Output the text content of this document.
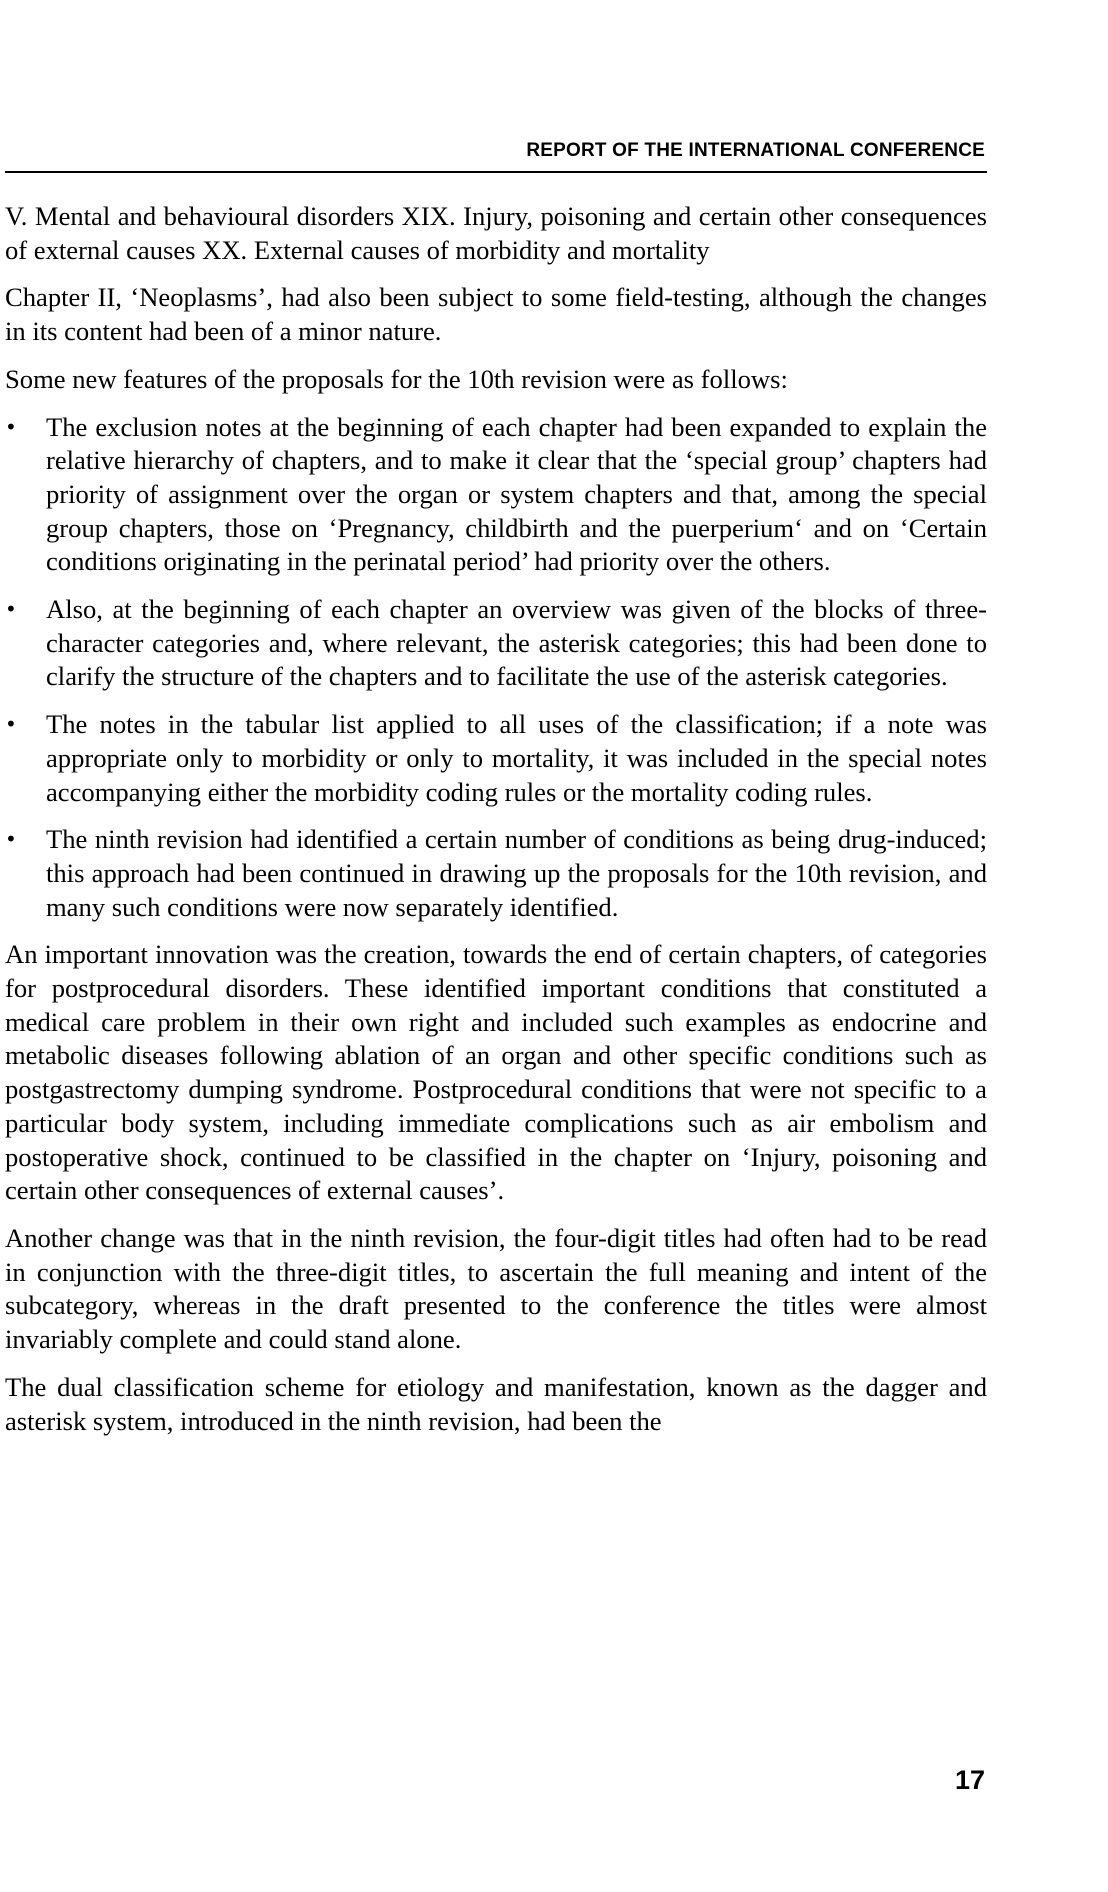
REPORT OF THE INTERNATIONAL CONFERENCE

V. Mental and behavioural disorders XIX. Injury, poisoning and certain other consequences of external causes XX. External causes of morbidity and mortality

Chapter II, ‘Neoplasms’, had also been subject to some field-testing, although the changes in its content had been of a minor nature.

Some new features of the proposals for the 10th revision were as follows:

• The exclusion notes at the beginning of each chapter had been expanded to explain the relative hierarchy of chapters, and to make it clear that the ‘special group’ chapters had priority of assignment over the organ or system chapters and that, among the special group chapters, those on ‘Pregnancy, childbirth and the puerperium‘ and on ‘Certain conditions originating in the perinatal period’ had priority over the others.
• Also, at the beginning of each chapter an overview was given of the blocks of three-character categories and, where relevant, the asterisk categories; this had been done to clarify the structure of the chapters and to facilitate the use of the asterisk categories.
• The notes in the tabular list applied to all uses of the classification; if a note was appropriate only to morbidity or only to mortality, it was included in the special notes accompanying either the morbidity coding rules or the mortality coding rules.
• The ninth revision had identified a certain number of conditions as being drug-induced; this approach had been continued in drawing up the proposals for the 10th revision, and many such conditions were now separately identified.

An important innovation was the creation, towards the end of certain chapters, of categories for postprocedural disorders. These identified important conditions that constituted a medical care problem in their own right and included such examples as endocrine and metabolic diseases following ablation of an organ and other specific conditions such as postgastrectomy dumping syndrome. Postprocedural conditions that were not specific to a particular body system, including immediate complications such as air embolism and postoperative shock, continued to be classified in the chapter on ‘Injury, poisoning and certain other consequences of external causes’.

Another change was that in the ninth revision, the four-digit titles had often had to be read in conjunction with the three-digit titles, to ascertain the full meaning and intent of the subcategory, whereas in the draft presented to the conference the titles were almost invariably complete and could stand alone.

The dual classification scheme for etiology and manifestation, known as the dagger and asterisk system, introduced in the ninth revision, had been the

17
